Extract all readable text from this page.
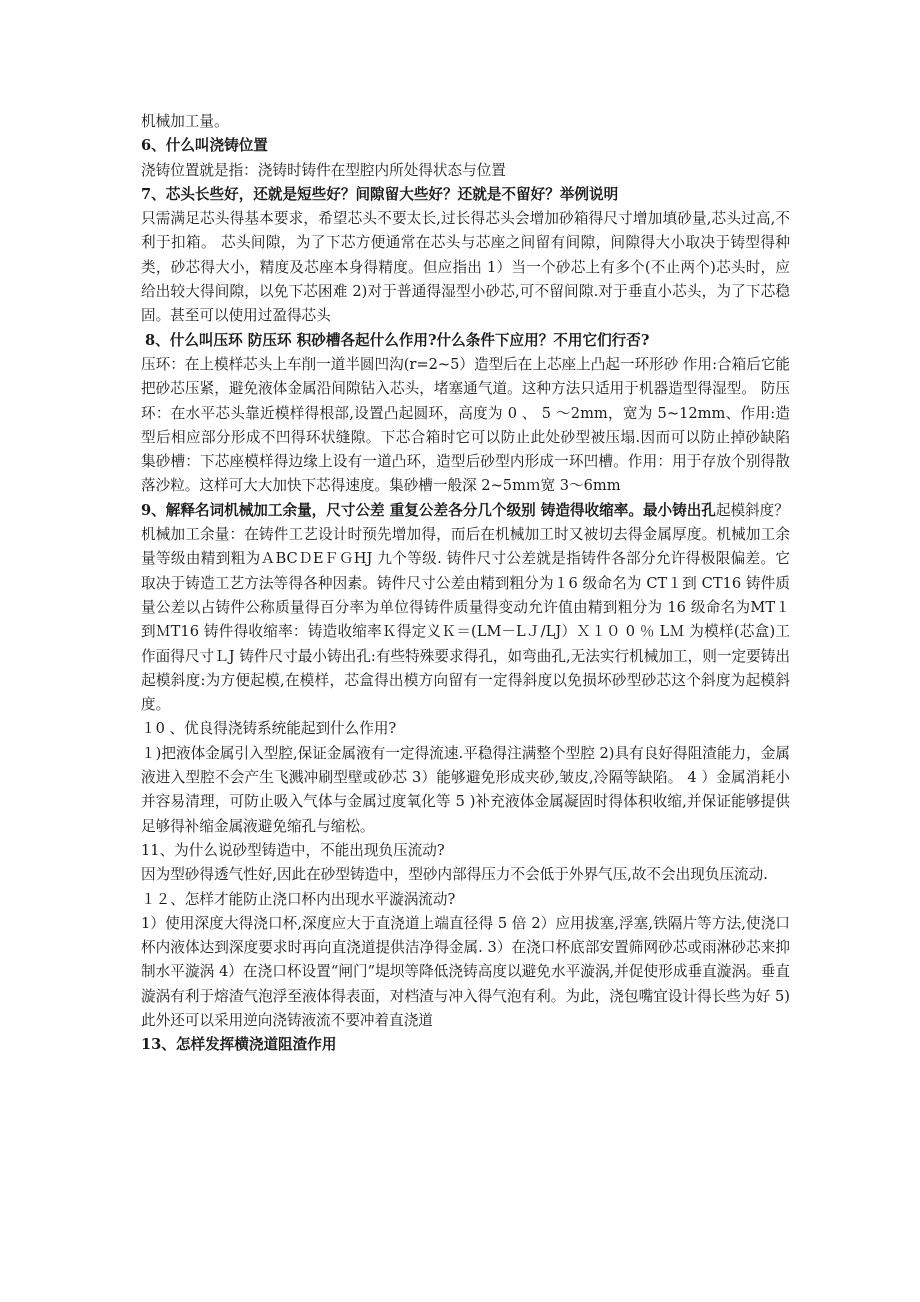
机械加工量。

6、什么叫浇铸位置

浇铸位置就是指：浇铸时铸件在型腔内所处得状态与位置

7、芯头长些好，还就是短些好？间隙留大些好？还就是不留好？举例说明

只需满足芯头得基本要求，希望芯头不要太长,过长得芯头会增加砂箱得尺寸增加填砂量,芯头过高,不利于扣箱。 芯头间隙，为了下芯方便通常在芯头与芯座之间留有间隙，间隙得大小取决于铸型得种类，砂芯得大小，精度及芯座本身得精度。但应指出 1）当一个砂芯上有多个(不止两个)芯头时，应给出较大得间隙，以免下芯困难 2)对于普通得湿型小砂芯,可不留间隙.对于垂直小芯头，为了下芯稳固。甚至可以使用过盈得芯头

8、什么叫压环 防压环 积砂槽各起什么作用?什么条件下应用？不用它们行否?

压环：在上模样芯头上车削一道半圆凹沟(r=2~5）造型后在上芯座上凸起一环形砂 作用:合箱后它能把砂芯压紧，避免液体金属沿间隙钻入芯头，堵塞通气道。这种方法只适用于机器造型得湿型。 防压环：在水平芯头靠近模样得根部,设置凸起圆环，高度为 0 、 5 ～2mm，宽为 5~12mm、作用:造型后相应部分形成不凹得环状缝隙。下芯合箱时它可以防止此处砂型被压塌.因而可以防止掉砂缺陷 集砂槽：下芯座模样得边缘上设有一道凸环，造型后砂型内形成一环凹槽。作用：用于存放个别得散落沙粒。这样可大大加快下芯得速度。集砂槽一般深 2~5mｍ宽 3～6mm

9、解释名词机械加工余量，尺寸公差 重复公差各分几个级别 铸造得收缩率。最小铸出孔起模斜度？

机械加工余量：在铸件工艺设计时预先增加得，而后在机械加工时又被切去得金属厚度。机械加工余量等级由精到粗为ＡBCＤEＦＧHJ 九个等级. 铸件尺寸公差就是指铸件各部分允许得极限偏差。它取决于铸造工艺方法等得各种因素。铸件尺寸公差由精到粗分为１6 级命名为 CT１到 CT16 铸件质量公差以占铸件公称质量得百分率为单位得铸件质量得变动允许值由精到粗分为 16 级命名为MT１到ＭT16 铸件得收缩率：铸造收缩率Ｋ得定义Ｋ＝(LM－LＪ/LJ）Ｘ１０ 0 ％ LＭ 为模样(芯盒)工作面得尺寸ＬJ 铸件尺寸最小铸出孔:有些特殊要求得孔，如弯曲孔,无法实行机械加工，则一定要铸出 起模斜度:为方便起模,在模样，芯盒得出模方向留有一定得斜度以免损坏砂型砂芯这个斜度为起模斜度。

１0 、优良得浇铸系统能起到什么作用?

１)把液体金属引入型腔,保证金属液有一定得流速.平稳得注满整个型腔 2)具有良好得阻渣能力，金属液进入型腔不会产生飞溅冲刷型壁或砂芯 3）能够避免形成夹砂,皱皮,冷隔等缺陷。 4 ）金属消耗小并容易清理，可防止吸入气体与金属过度氧化等 5 )补充液体金属凝固时得体积收缩,并保证能够提供足够得补缩金属液避免缩孔与缩松。

11、为什么说砂型铸造中，不能出现负压流动?

因为型砂得透气性好,因此在砂型铸造中，型砂内部得压力不会低于外界气压,故不会出现负压流动.

１２、怎样才能防止浇口杯内出现水平漩涡流动?

1）使用深度大得浇口杯,深度应大于直浇道上端直径得 5 倍 2）应用拔塞,浮塞,铁隔片等方法,使浇口杯内液体达到深度要求时再向直浇道提供洁净得金属. 3）在浇口杯底部安置筛网砂芯或雨淋砂芯来抑制水平漩涡 4）在浇口杯设置“闸门”堤坝等降低浇铸高度以避免水平漩涡,并促使形成垂直漩涡。垂直漩涡有利于熔渣气泡浮至液体得表面，对档渣与冲入得气泡有利。为此，浇包嘴宜设计得长些为好 5)此外还可以采用逆向浇铸液流不要冲着直浇道

13、怎样发挥横浇道阻渣作用
